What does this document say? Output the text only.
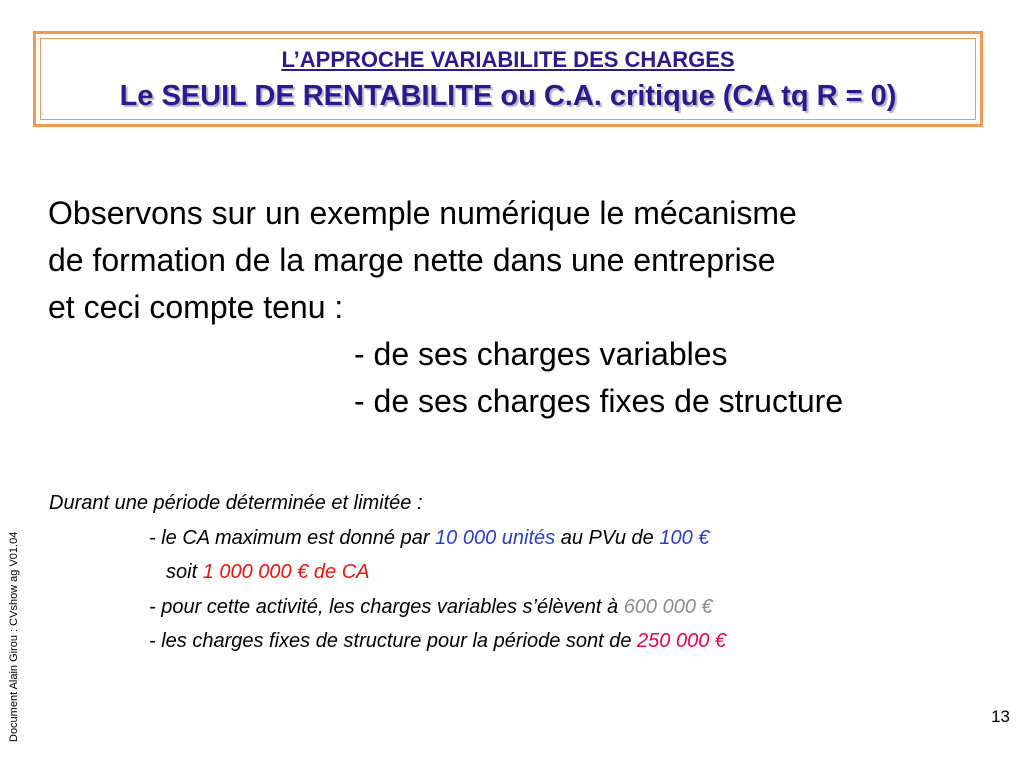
L’APPROCHE VARIABILITE DES CHARGES
Le SEUIL DE RENTABILITE ou C.A. critique (CA tq R = 0)

Observons sur un exemple numérique le mécanisme

de formation de la marge nette dans une entreprise

et ceci compte tenu :

- de ses charges variables

- de ses charges fixes de structure

Durant une période déterminée et limitée :

- le CA maximum est donné par 10 000 unités au PVu de 100 €

soit 1 000 000 € de CA

- pour cette activité, les charges variables s’élèvent à 600 000 €

- les charges fixes de structure pour la période sont de 250 000 €

Document Alain Girou : CVshow ag V01.04	13
